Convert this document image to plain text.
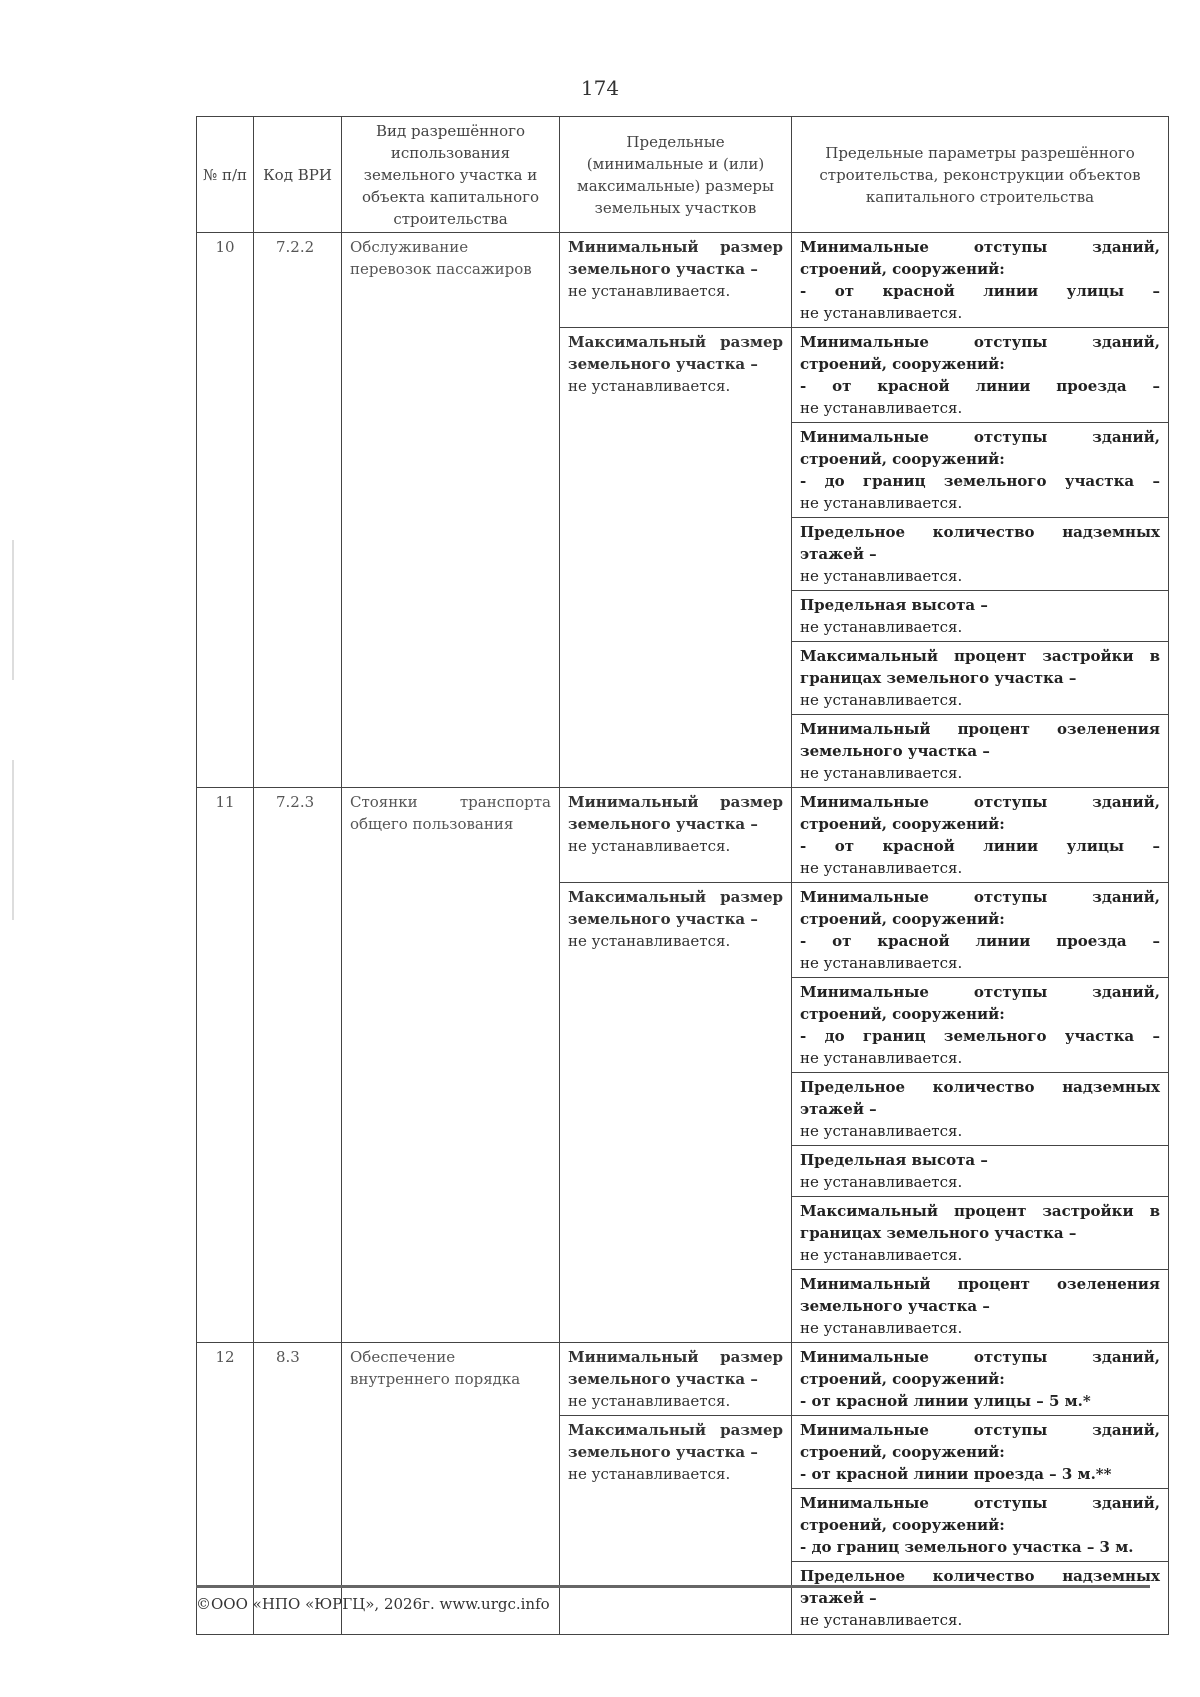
174
№ п/п	Код ВРИ	Вид разрешённого использования земельного участка и объекта капитального строительства	Предельные (минимальные и (или) максимальные) размеры земельных участков	Предельные параметры разрешённого строительства, реконструкции объектов капитального строительства
10	7.2.2	Обслуживание перевозок пассажиров	Минимальный размер земельного участка –
не устанавливается.	Минимальные отступы зданий, строений, сооружений:
- от красной линии улицы –
не устанавливается.

			Максимальный размер земельного участка –
не устанавливается.	Минимальные отступы зданий, строений, сооружений:
- от красной линии проезда –
не устанавливается.

				Минимальные отступы зданий, строений, сооружений:
- до границ земельного участка –
не устанавливается.

				Предельное количество надземных этажей –
не устанавливается.

				Предельная высота –
не устанавливается.

				Максимальный процент застройки в границах земельного участка –
не устанавливается.

				Минимальный процент озеленения земельного участка –
не устанавливается.

11	7.2.3	Стоянки транспорта общего пользования	Минимальный размер земельного участка –
не устанавливается.	Минимальные отступы зданий, строений, сооружений:
- от красной линии улицы –
не устанавливается.

			Максимальный размер земельного участка –
не устанавливается.	Минимальные отступы зданий, строений, сооружений:
- от красной линии проезда –
не устанавливается.

				Минимальные отступы зданий, строений, сооружений:
- до границ земельного участка –
не устанавливается.

				Предельное количество надземных этажей –
не устанавливается.

				Предельная высота –
не устанавливается.

				Максимальный процент застройки в границах земельного участка –
не устанавливается.

				Минимальный процент озеленения земельного участка –
не устанавливается.

12	8.3	Обеспечение внутреннего порядка	Минимальный размер земельного участка –
не устанавливается.	Минимальные отступы зданий, строений, сооружений:
- от красной линии улицы – 5 м.*

			Максимальный размер земельного участка –
не устанавливается.	Минимальные отступы зданий, строений, сооружений:
- от красной линии проезда – 3 м.**

				Минимальные отступы зданий, строений, сооружений:
- до границ земельного участка – 3 м.

				Предельное количество надземных этажей –
не устанавливается.
©ООО «НПО «ЮРГЦ», 2026г. www.urgc.info
